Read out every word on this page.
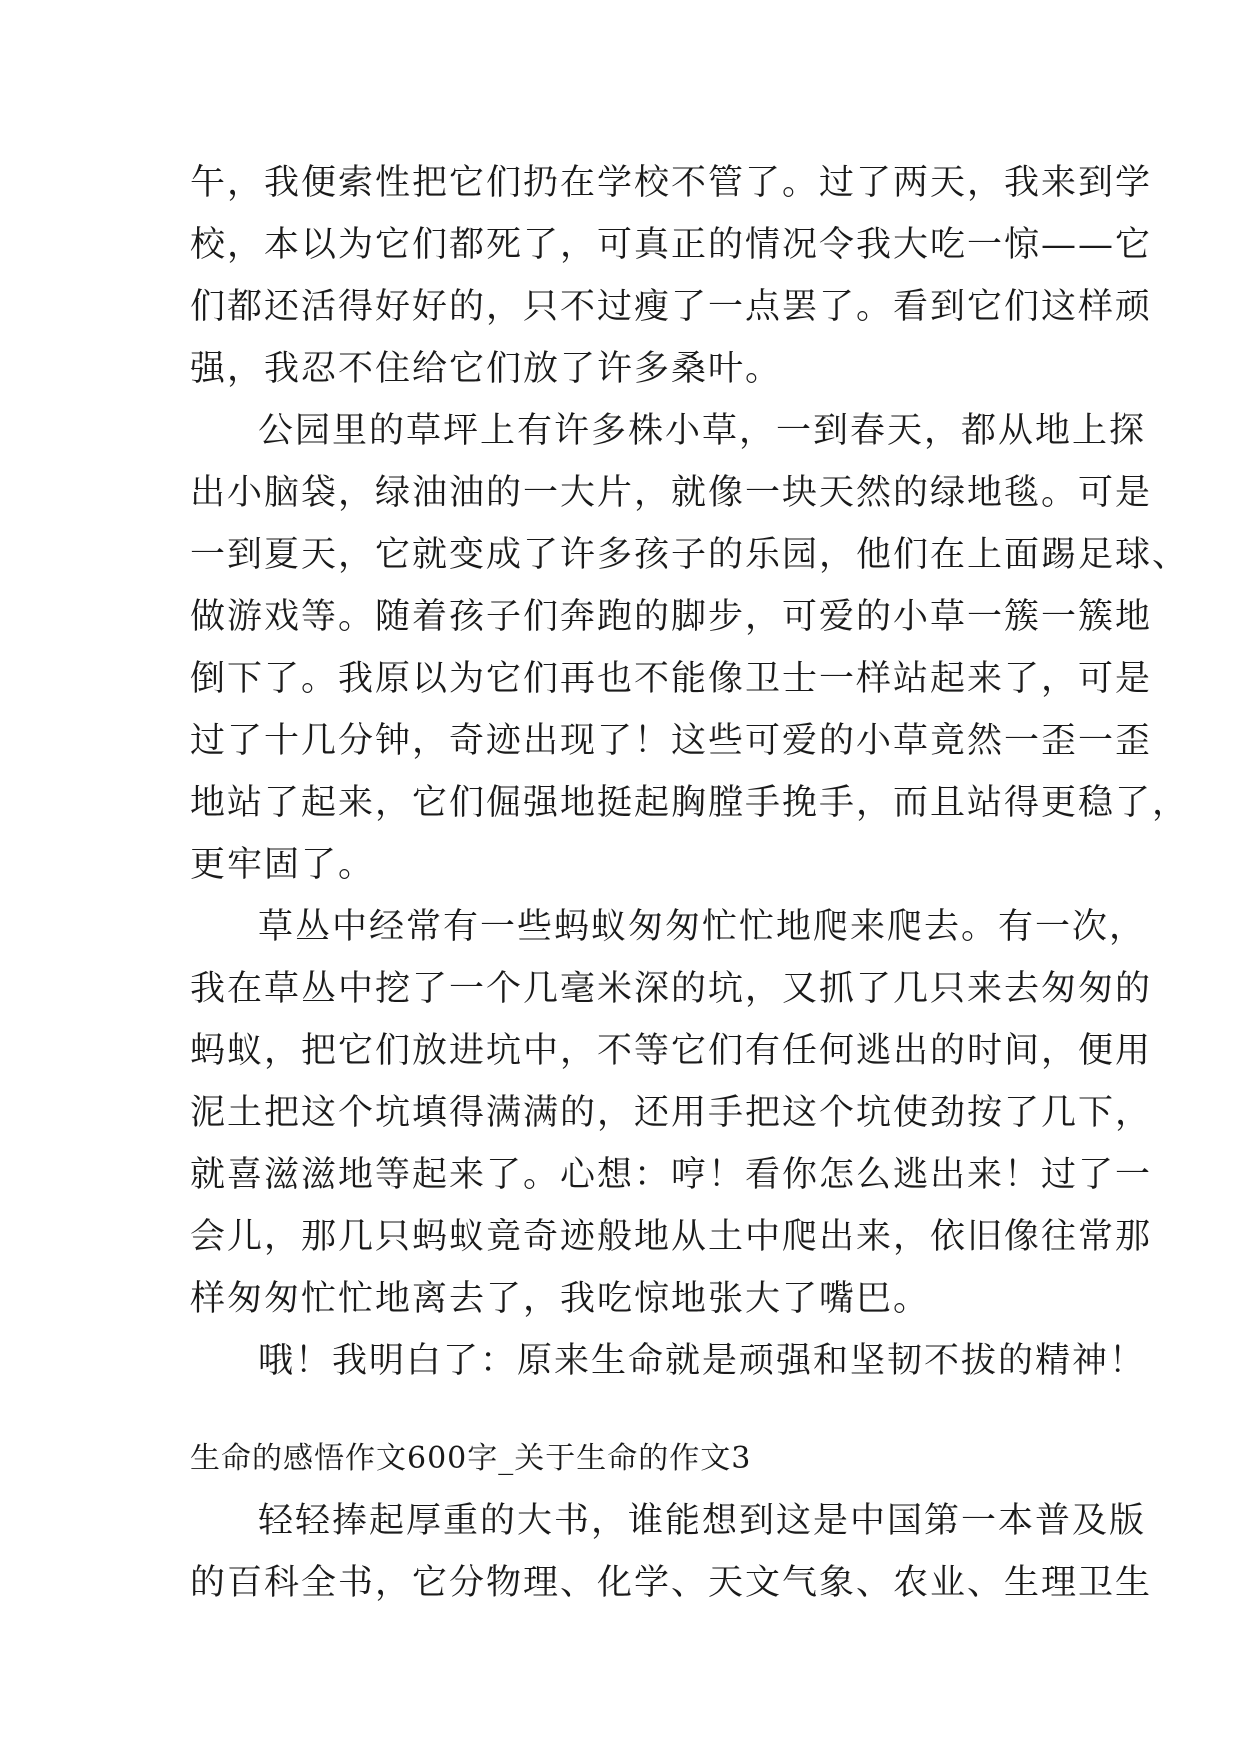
午，我便索性把它们扔在学校不管了。过了两天，我来到学
校，本以为它们都死了，可真正的情况令我大吃一惊——它
们都还活得好好的，只不过瘦了一点罢了。看到它们这样顽
强，我忍不住给它们放了许多桑叶。
公园里的草坪上有许多株小草，一到春天，都从地上探
出小脑袋，绿油油的一大片，就像一块天然的绿地毯。可是
一到夏天，它就变成了许多孩子的乐园，他们在上面踢足球、
做游戏等。随着孩子们奔跑的脚步，可爱的小草一簇一簇地
倒下了。我原以为它们再也不能像卫士一样站起来了，可是
过了十几分钟，奇迹出现了！这些可爱的小草竟然一歪一歪
地站了起来，它们倔强地挺起胸膛手挽手，而且站得更稳了，
更牢固了。
草丛中经常有一些蚂蚁匆匆忙忙地爬来爬去。有一次，
我在草丛中挖了一个几毫米深的坑，又抓了几只来去匆匆的
蚂蚁，把它们放进坑中，不等它们有任何逃出的时间，便用
泥土把这个坑填得满满的，还用手把这个坑使劲按了几下，
就喜滋滋地等起来了。心想：哼！看你怎么逃出来！过了一
会儿，那几只蚂蚁竟奇迹般地从土中爬出来，依旧像往常那
样匆匆忙忙地离去了，我吃惊地张大了嘴巴。
哦！我明白了：原来生命就是顽强和坚韧不拔的精神！
生命的感悟作文600字_关于生命的作文3
轻轻捧起厚重的大书，谁能想到这是中国第一本普及版
的百科全书，它分物理、化学、天文气象、农业、生理卫生
